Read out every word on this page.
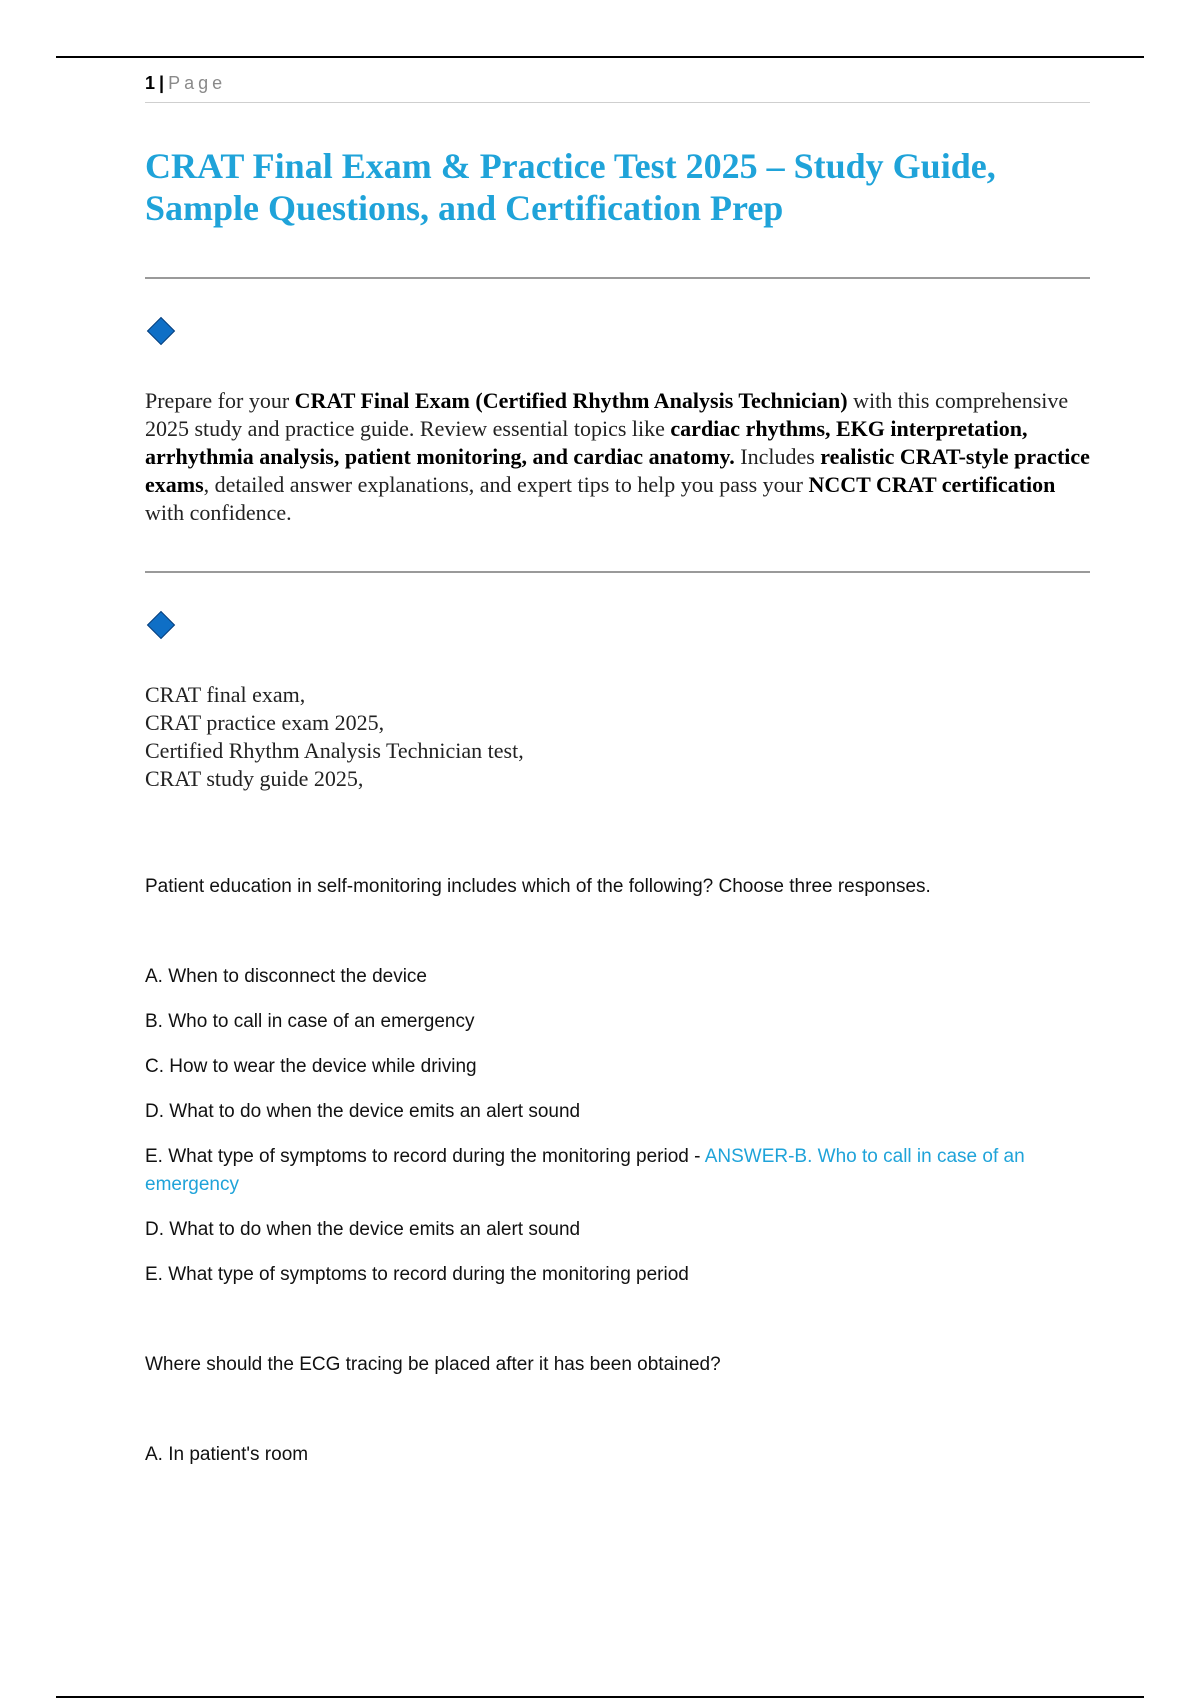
1 | Page
CRAT Final Exam & Practice Test 2025 – Study Guide, Sample Questions, and Certification Prep
Prepare for your CRAT Final Exam (Certified Rhythm Analysis Technician) with this comprehensive 2025 study and practice guide. Review essential topics like cardiac rhythms, EKG interpretation, arrhythmia analysis, patient monitoring, and cardiac anatomy. Includes realistic CRAT-style practice exams, detailed answer explanations, and expert tips to help you pass your NCCT CRAT certification with confidence.
CRAT final exam,
CRAT practice exam 2025,
Certified Rhythm Analysis Technician test,
CRAT study guide 2025,
Patient education in self-monitoring includes which of the following? Choose three responses.
A. When to disconnect the device
B. Who to call in case of an emergency
C. How to wear the device while driving
D. What to do when the device emits an alert sound
E. What type of symptoms to record during the monitoring period - ANSWER-B. Who to call in case of an emergency
D. What to do when the device emits an alert sound
E. What type of symptoms to record during the monitoring period
Where should the ECG tracing be placed after it has been obtained?
A. In patient's room
